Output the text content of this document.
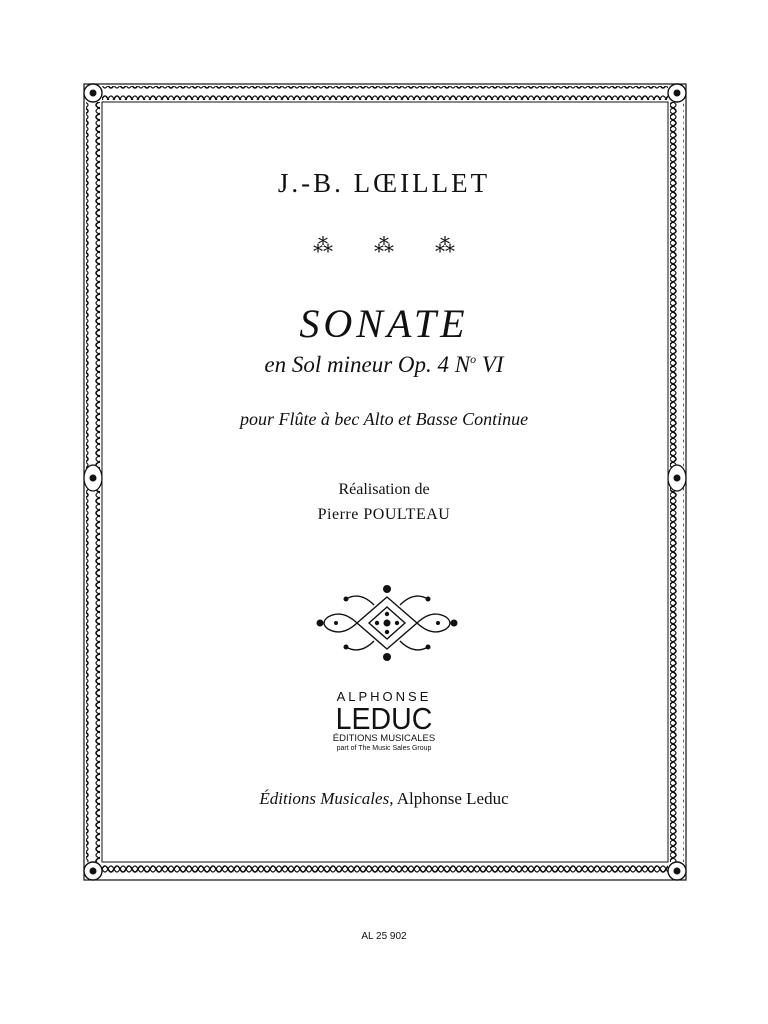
J.-B. LŒILLET
⁂ ⁂ ⁂
SONATE
en Sol mineur Op. 4 $N^o$ VI
pour Flûte à bec Alto et Basse Continue
Réalisation de
Pierre POULTEAU
ALPHONSE
LEDUC
ÉDITIONS MUSICALES
part of The Music Sales Group
Éditions Musicales, Alphonse Leduc
AL 25 902
